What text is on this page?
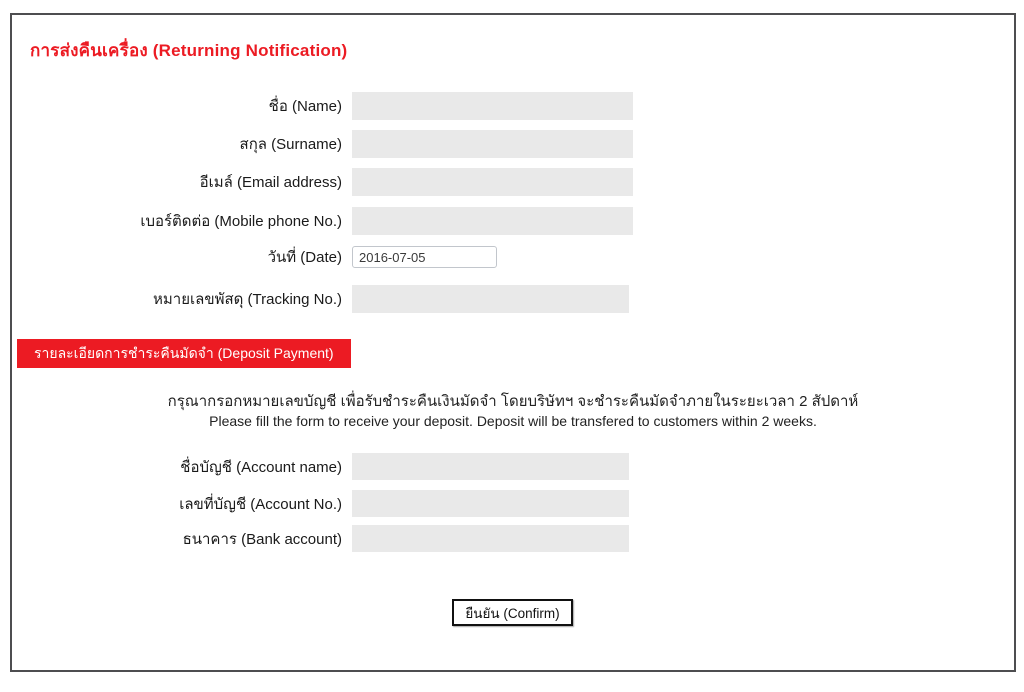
การส่งคืนเครื่อง (Returning Notification)
ชื่อ (Name)
สกุล (Surname)
อีเมล์ (Email address)
เบอร์ติดต่อ (Mobile phone No.)
วันที่ (Date)
2016-07-05
หมายเลขพัสดุ (Tracking No.)
รายละเอียดการชำระคืนมัดจำ (Deposit Payment)
กรุณากรอกหมายเลขบัญชี เพื่อรับชำระคืนเงินมัดจำ โดยบริษัทฯ จะชำระคืนมัดจำภายในระยะเวลา 2 สัปดาห์
Please fill the form to receive your deposit. Deposit will be transfered to customers within 2 weeks.
ชื่อบัญชี (Account name)
เลขที่บัญชี (Account No.)
ธนาคาร (Bank account)
ยืนยัน (Confirm)
